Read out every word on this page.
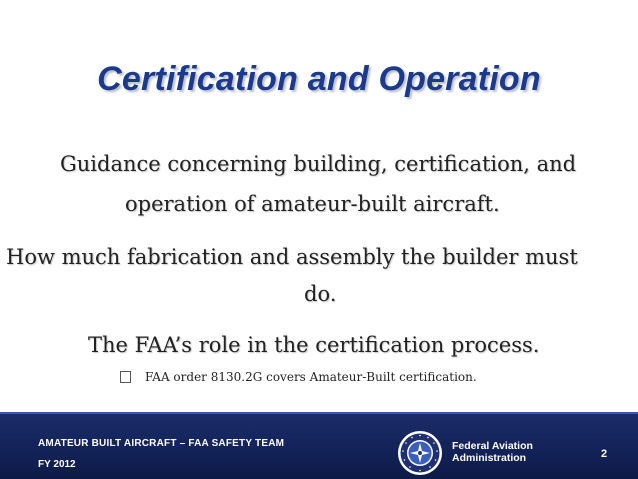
Certification and Operation
Guidance concerning building, certification, and
operation of amateur-built aircraft.
How much fabrication and assembly the builder must
do.
The FAA’s role in the certification process.
FAA order 8130.2G covers Amateur-Built certification.
AMATEUR BUILT AIRCRAFT – FAA SAFETY TEAM
FY 2012
Federal Aviation
Administration	2
